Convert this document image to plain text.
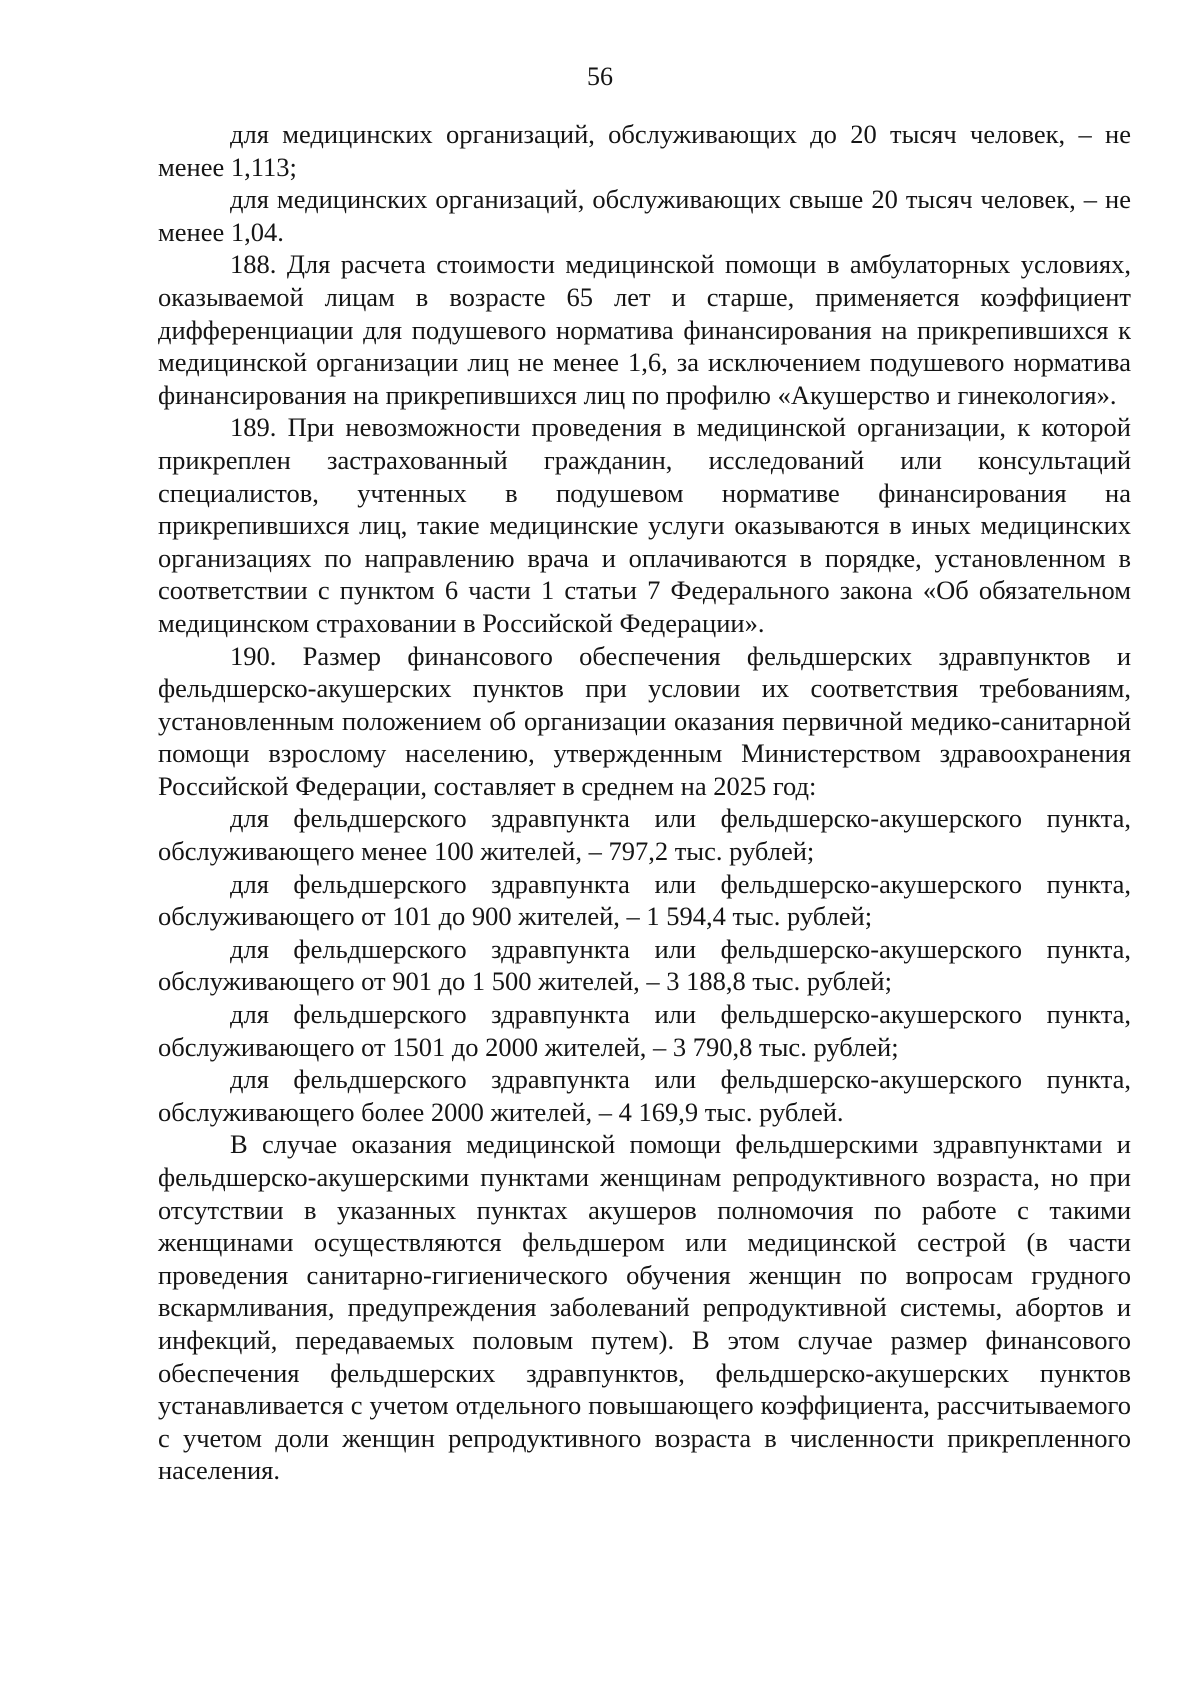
56

для медицинских организаций, обслуживающих до 20 тысяч человек, – не менее 1,113;

для медицинских организаций, обслуживающих свыше 20 тысяч человек, – не менее 1,04.

188. Для расчета стоимости медицинской помощи в амбулаторных условиях, оказываемой лицам в возрасте 65 лет и старше, применяется коэффициент дифференциации для подушевого норматива финансирования на прикрепившихся к медицинской организации лиц не менее 1,6, за исключением подушевого норматива финансирования на прикрепившихся лиц по профилю «Акушерство и гинекология».

189. При невозможности проведения в медицинской организации, к которой прикреплен застрахованный гражданин, исследований или консультаций специалистов, учтенных в подушевом нормативе финансирования на прикрепившихся лиц, такие медицинские услуги оказываются в иных медицинских организациях по направлению врача и оплачиваются в порядке, установленном в соответствии с пунктом 6 части 1 статьи 7 Федерального закона «Об обязательном медицинском страховании в Российской Федерации».

190. Размер финансового обеспечения фельдшерских здравпунктов и фельдшерско-акушерских пунктов при условии их соответствия требованиям, установленным положением об организации оказания первичной медико-санитарной помощи взрослому населению, утвержденным Министерством здравоохранения Российской Федерации, составляет в среднем на 2025 год:

для фельдшерского здравпункта или фельдшерско-акушерского пункта, обслуживающего менее 100 жителей, – 797,2 тыс. рублей;

для фельдшерского здравпункта или фельдшерско-акушерского пункта, обслуживающего от 101 до 900 жителей, – 1 594,4 тыс. рублей;

для фельдшерского здравпункта или фельдшерско-акушерского пункта, обслуживающего от 901 до 1 500 жителей, – 3 188,8 тыс. рублей;

для фельдшерского здравпункта или фельдшерско-акушерского пункта, обслуживающего от 1501 до 2000 жителей, – 3 790,8 тыс. рублей;

для фельдшерского здравпункта или фельдшерско-акушерского пункта, обслуживающего более 2000 жителей, – 4 169,9 тыс. рублей.

В случае оказания медицинской помощи фельдшерскими здравпунктами и фельдшерско-акушерскими пунктами женщинам репродуктивного возраста, но при отсутствии в указанных пунктах акушеров полномочия по работе с такими женщинами осуществляются фельдшером или медицинской сестрой (в части проведения санитарно-гигиенического обучения женщин по вопросам грудного вскармливания, предупреждения заболеваний репродуктивной системы, абортов и инфекций, передаваемых половым путем). В этом случае размер финансового обеспечения фельдшерских здравпунктов, фельдшерско-акушерских пунктов устанавливается с учетом отдельного повышающего коэффициента, рассчитываемого с учетом доли женщин репродуктивного возраста в численности прикрепленного населения.
